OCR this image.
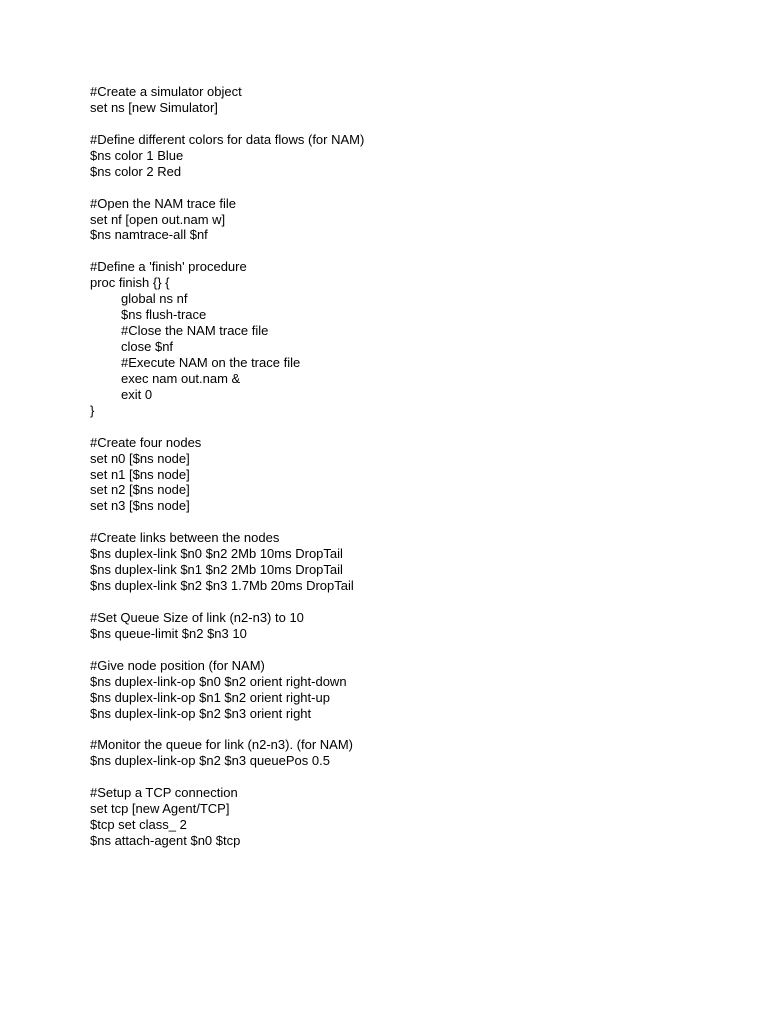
#Create a simulator object
set ns [new Simulator]
#Define different colors for data flows (for NAM)
$ns color 1 Blue
$ns color 2 Red
#Open the NAM trace file
set nf [open out.nam w]
$ns namtrace-all $nf
#Define a 'finish' procedure
proc finish {} {
global ns nf
$ns flush-trace
#Close the NAM trace file
close $nf
#Execute NAM on the trace file
exec nam out.nam &
exit 0
}
#Create four nodes
set n0 [$ns node]
set n1 [$ns node]
set n2 [$ns node]
set n3 [$ns node]
#Create links between the nodes
$ns duplex-link $n0 $n2 2Mb 10ms DropTail
$ns duplex-link $n1 $n2 2Mb 10ms DropTail
$ns duplex-link $n2 $n3 1.7Mb 20ms DropTail
#Set Queue Size of link (n2-n3) to 10
$ns queue-limit $n2 $n3 10
#Give node position (for NAM)
$ns duplex-link-op $n0 $n2 orient right-down
$ns duplex-link-op $n1 $n2 orient right-up
$ns duplex-link-op $n2 $n3 orient right
#Monitor the queue for link (n2-n3). (for NAM)
$ns duplex-link-op $n2 $n3 queuePos 0.5
#Setup a TCP connection
set tcp [new Agent/TCP]
$tcp set class_ 2
$ns attach-agent $n0 $tcp
